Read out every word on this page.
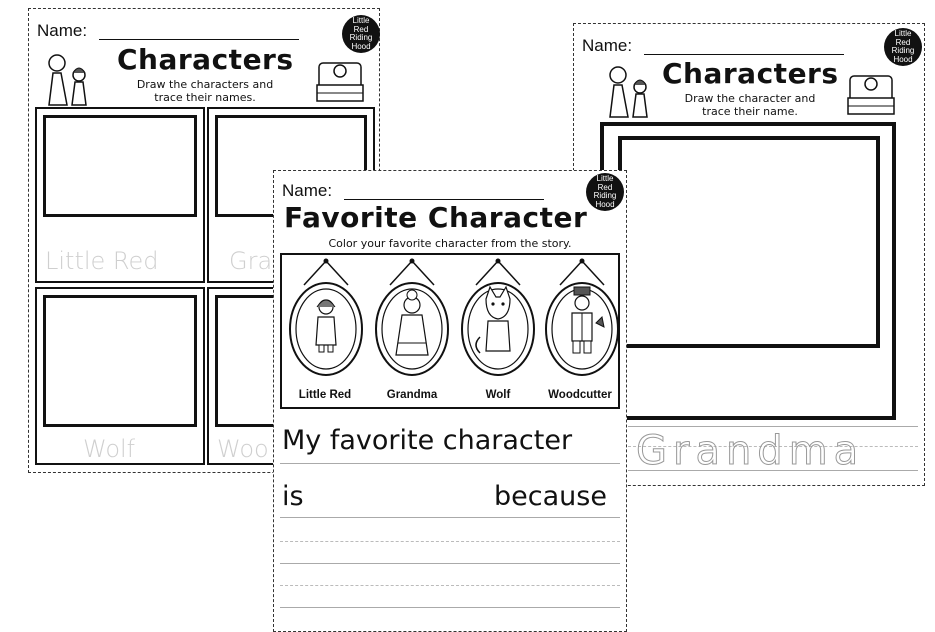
Name:
Little
Red
Riding
Hood
Characters
Draw the characters and
trace their names.
Little Red	Gra
Wolf	Woo
Name:
Little
Red
Riding
Hood
Characters
Draw the character and
trace their name.
Grandma
Name:
Little
Red
Riding
Hood
Favorite Character
Color your favorite character from the story.
Little Red	Grandma	Wolf	Woodcutter
My favorite character
is	because
